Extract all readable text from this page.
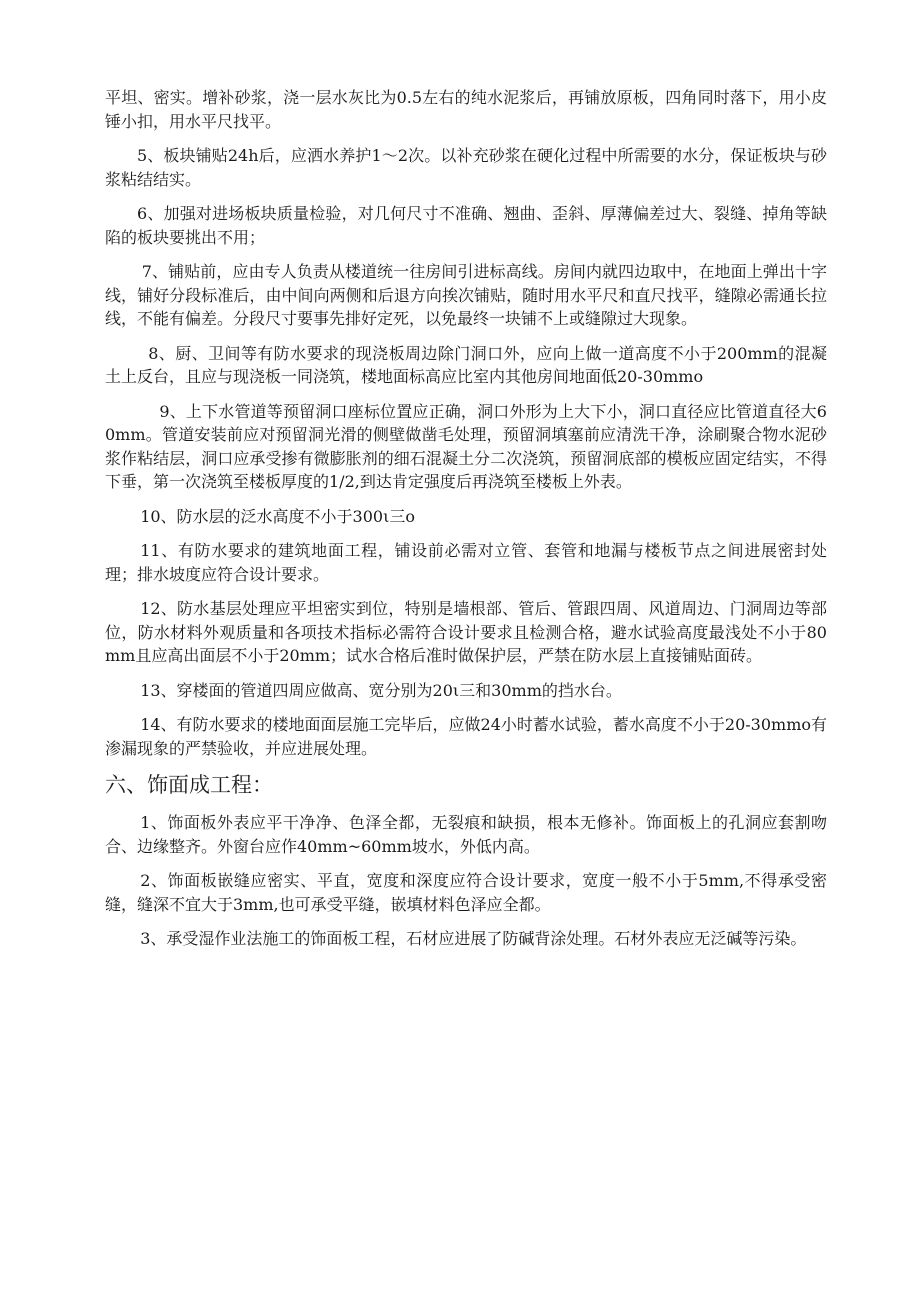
平坦、密实。增补砂浆，浇一层水灰比为0.5左右的纯水泥浆后，再铺放原板，四角同时落下，用小皮锤小扣，用水平尺找平。

5、板块铺贴24h后，应洒水养护1～2次。以补充砂浆在硬化过程中所需要的水分，保证板块与砂浆粘结结实。

6、加强对进场板块质量检验，对几何尺寸不准确、翘曲、歪斜、厚薄偏差过大、裂缝、掉角等缺陷的板块要挑出不用；

7、铺贴前，应由专人负责从楼道统一往房间引进标高线。房间内就四边取中，在地面上弹出十字线，铺好分段标准后，由中间向两侧和后退方向挨次铺贴，随时用水平尺和直尺找平，缝隙必需通长拉线，不能有偏差。分段尺寸要事先排好定死，以免最终一块铺不上或缝隙过大现象。

8、厨、卫间等有防水要求的现浇板周边除门洞口外，应向上做一道高度不小于200mm的混凝土上反台，且应与现浇板一同浇筑，楼地面标高应比室内其他房间地面低20-30mmo

9、上下水管道等预留洞口座标位置应正确，洞口外形为上大下小，洞口直径应比管道直径大60mm。管道安装前应对预留洞光滑的侧壁做凿毛处理，预留洞填塞前应清洗干净，涂刷聚合物水泥砂浆作粘结层，洞口应承受掺有微膨胀剂的细石混凝土分二次浇筑，预留洞底部的模板应固定结实，不得下垂，第一次浇筑至楼板厚度的1/2,到达肯定强度后再浇筑至楼板上外表。

10、防水层的泛水高度不小于300ι三o

11、有防水要求的建筑地面工程，铺设前必需对立管、套管和地漏与楼板节点之间进展密封处理；排水坡度应符合设计要求。

12、防水基层处理应平坦密实到位，特别是墙根部、管后、管跟四周、风道周边、门洞周边等部位，防水材料外观质量和各项技术指标必需符合设计要求且检测合格，避水试验高度最浅处不小于80mm且应高出面层不小于20mm；试水合格后准时做保护层，严禁在防水层上直接铺贴面砖。

13、穿楼面的管道四周应做高、宽分别为20ι三和30mm的挡水台。

14、有防水要求的楼地面面层施工完毕后，应做24小时蓄水试验，蓄水高度不小于20-30mmo有渗漏现象的严禁验收，并应进展处理。

六、饰面成工程：

1、饰面板外表应平干净净、色泽全都，无裂痕和缺损，根本无修补。饰面板上的孔洞应套割吻合、边缘整齐。外窗台应作40mm~60mm坡水，外低内高。

2、饰面板嵌缝应密实、平直，宽度和深度应符合设计要求，宽度一般不小于5mm,不得承受密缝，缝深不宜大于3mm,也可承受平缝，嵌填材料色泽应全都。

3、承受湿作业法施工的饰面板工程，石材应进展了防碱背涂处理。石材外表应无泛碱等污染。
